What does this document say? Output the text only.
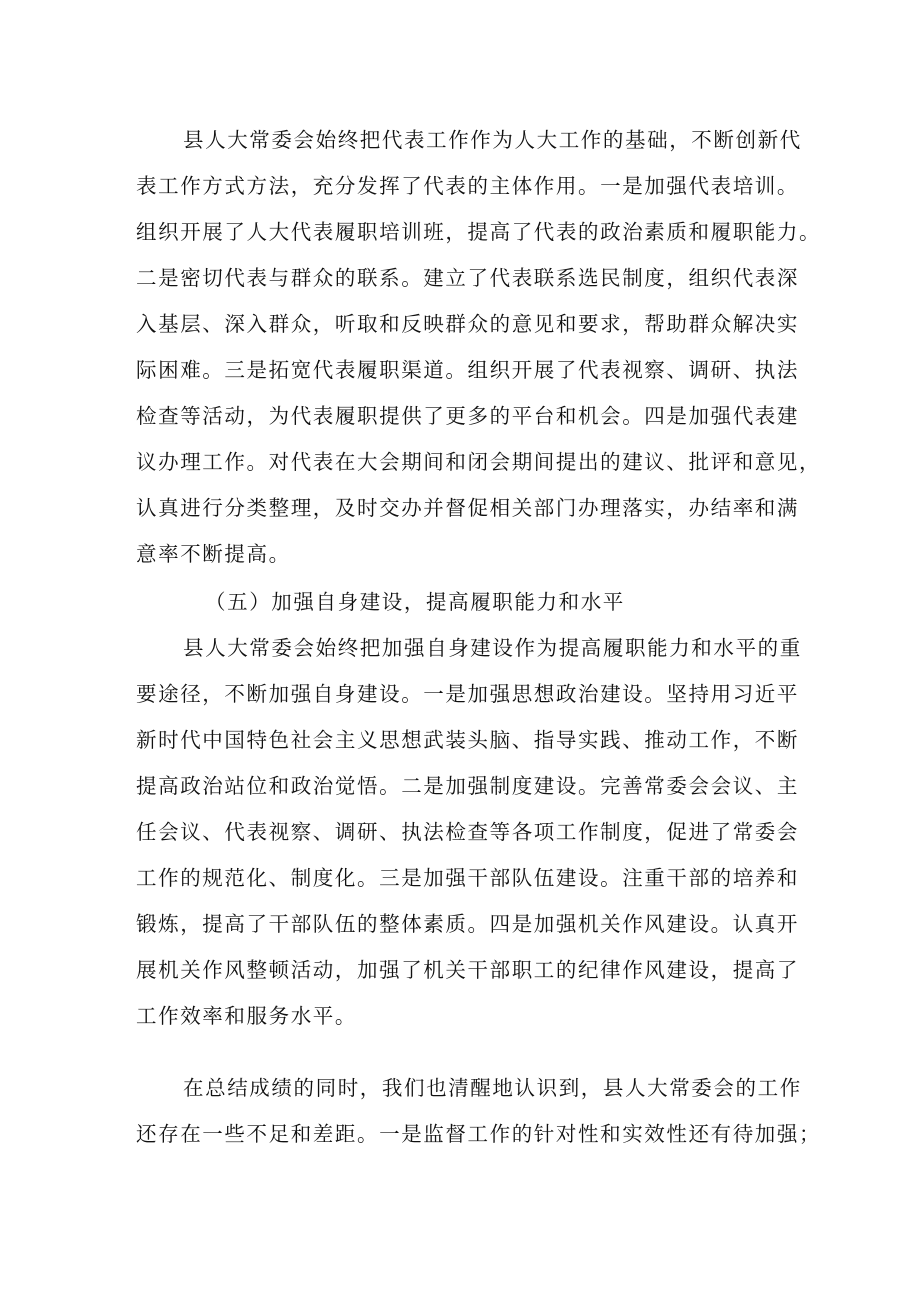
县人大常委会始终把代表工作作为人大工作的基础，不断创新代
表工作方式方法，充分发挥了代表的主体作用。一是加强代表培训。
组织开展了人大代表履职培训班，提高了代表的政治素质和履职能力。
二是密切代表与群众的联系。建立了代表联系选民制度，组织代表深
入基层、深入群众，听取和反映群众的意见和要求，帮助群众解决实
际困难。三是拓宽代表履职渠道。组织开展了代表视察、调研、执法
检查等活动，为代表履职提供了更多的平台和机会。四是加强代表建
议办理工作。对代表在大会期间和闭会期间提出的建议、批评和意见，
认真进行分类整理，及时交办并督促相关部门办理落实，办结率和满
意率不断提高。
（五）加强自身建设，提高履职能力和水平
县人大常委会始终把加强自身建设作为提高履职能力和水平的重
要途径，不断加强自身建设。一是加强思想政治建设。坚持用习近平
新时代中国特色社会主义思想武装头脑、指导实践、推动工作，不断
提高政治站位和政治觉悟。二是加强制度建设。完善常委会会议、主
任会议、代表视察、调研、执法检查等各项工作制度，促进了常委会
工作的规范化、制度化。三是加强干部队伍建设。注重干部的培养和
锻炼，提高了干部队伍的整体素质。四是加强机关作风建设。认真开
展机关作风整顿活动，加强了机关干部职工的纪律作风建设，提高了
工作效率和服务水平。
在总结成绩的同时，我们也清醒地认识到，县人大常委会的工作
还存在一些不足和差距。一是监督工作的针对性和实效性还有待加强；
